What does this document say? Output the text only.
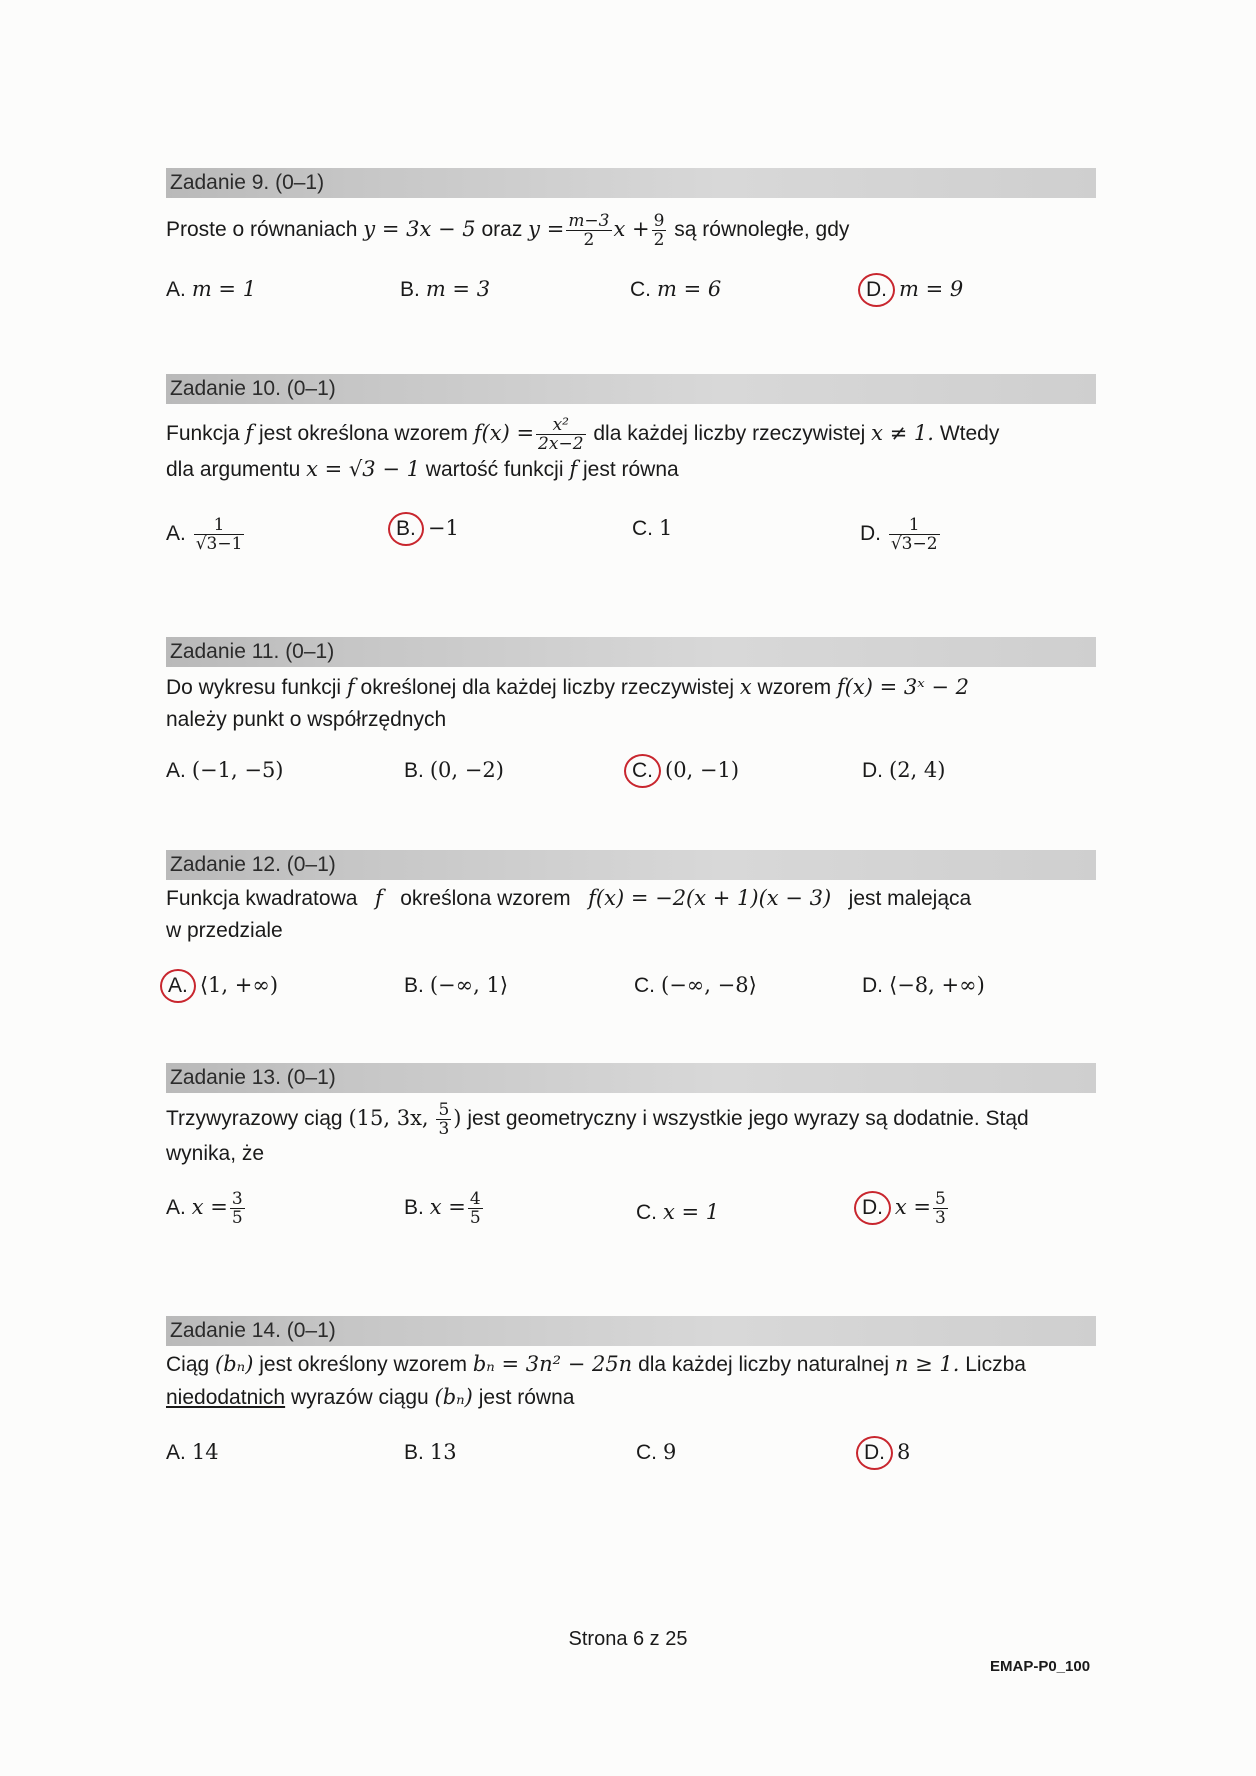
Zadanie 9. (0–1)
Proste o równaniach y = 3x − 5 oraz $y = \frac{m-3}{2}$ $x + \frac{9}{2}$ są równoległe, gdy
A. m = 1	B. m = 3	C. m = 6	D. m = 9
Zadanie 10. (0–1)
Funkcja f jest określona wzorem $f(x) = \frac{\text{x²}}{2x-2}$ dla każdej liczby rzeczywistej x ≠ 1. Wtedy
dla argumentu x = √3 − 1 wartość funkcji f jest równa
A. $\frac{1}{√3-1}$	B. −1	C. 1	D. $\frac{1}{√3-2}$
Zadanie 11. (0–1)
Do wykresu funkcji f określonej dla każdej liczby rzeczywistej x wzorem f(x) = 3ˣ − 2
należy punkt o współrzędnych
A. (−1, −5)	B. (0, −2)	C. (0, −1)	D. (2, 4)
Zadanie 12. (0–1)
Funkcja kwadratowa f określona wzorem f(x) = −2(x + 1)(x − 3) jest malejąca
w przedziale
A. ⟨1, +∞)	B. (−∞, 1⟩	C. (−∞, −8⟩	D. ⟨−8, +∞)
Zadanie 13. (0–1)
Trzywyrazowy ciąg (15, 3x, $\frac{5}{3}$ ) jest geometryczny i wszystkie jego wyrazy są dodatnie. Stąd
wynika, że
A. $x = \frac{3}{5}$	B. $x = \frac{4}{5}$	C. x = 1	D. $x = \frac{5}{3}$
Zadanie 14. (0–1)
Ciąg (bₙ) jest określony wzorem bₙ = 3n² − 25n dla każdej liczby naturalnej n ≥ 1. Liczba
niedodatnich wyrazów ciągu (bₙ) jest równa
A. 14	B. 13	C. 9	D. 8
Strona 6 z 25
EMAP-P0_100
